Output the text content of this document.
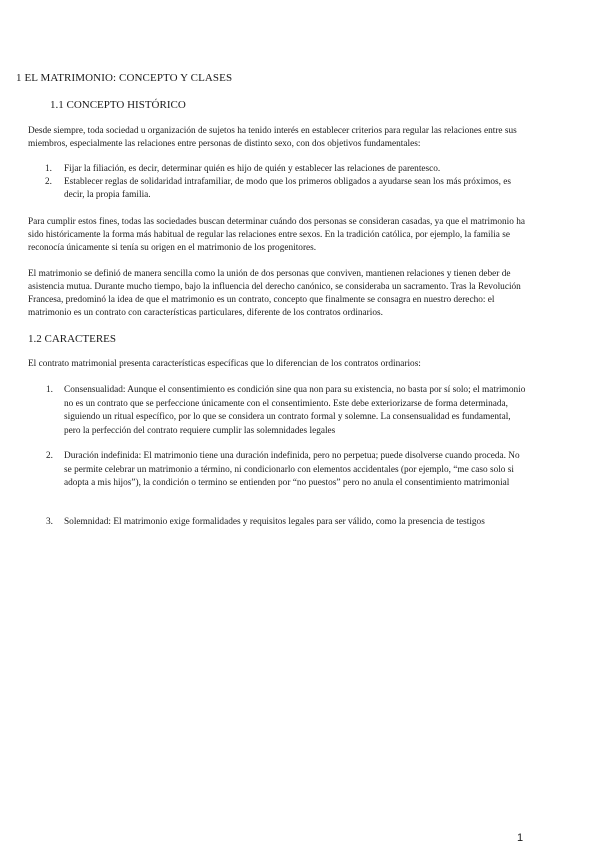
1 EL MATRIMONIO: CONCEPTO Y CLASES
1.1 CONCEPTO HISTÓRICO

Desde siempre, toda sociedad u organización de sujetos ha tenido interés en establecer criterios para regular las relaciones entre sus miembros, especialmente las relaciones entre personas de distinto sexo, con dos objetivos fundamentales:

1. Fijar la filiación, es decir, determinar quién es hijo de quién y establecer las relaciones de parentesco.
2. Establecer reglas de solidaridad intrafamiliar, de modo que los primeros obligados a ayudarse sean los más próximos, es decir, la propia familia.

Para cumplir estos fines, todas las sociedades buscan determinar cuándo dos personas se consideran casadas, ya que el matrimonio ha sido históricamente la forma más habitual de regular las relaciones entre sexos. En la tradición católica, por ejemplo, la familia se reconocía únicamente si tenía su origen en el matrimonio de los progenitores.

El matrimonio se definió de manera sencilla como la unión de dos personas que conviven, mantienen relaciones y tienen deber de asistencia mutua. Durante mucho tiempo, bajo la influencia del derecho canónico, se consideraba un sacramento. Tras la Revolución Francesa, predominó la idea de que el matrimonio es un contrato, concepto que finalmente se consagra en nuestro derecho: el matrimonio es un contrato con características particulares, diferente de los contratos ordinarios.

1.2 CARACTERES

El contrato matrimonial presenta características específicas que lo diferencian de los contratos ordinarios:

1. Consensualidad: Aunque el consentimiento es condición sine qua non para su existencia, no basta por sí solo; el matrimonio no es un contrato que se perfeccione únicamente con el consentimiento. Este debe exteriorizarse de forma determinada, siguiendo un ritual específico, por lo que se considera un contrato formal y solemne. La consensualidad es fundamental, pero la perfección del contrato requiere cumplir las solemnidades legales
2. Duración indefinida: El matrimonio tiene una duración indefinida, pero no perpetua; puede disolverse cuando proceda. No se permite celebrar un matrimonio a término, ni condicionarlo con elementos accidentales (por ejemplo, “me caso solo si adopta a mis hijos”), la condición o termino se entienden por “no puestos” pero no anula el consentimiento matrimonial
3. Solemnidad: El matrimonio exige formalidades y requisitos legales para ser válido, como la presencia de testigos
1
